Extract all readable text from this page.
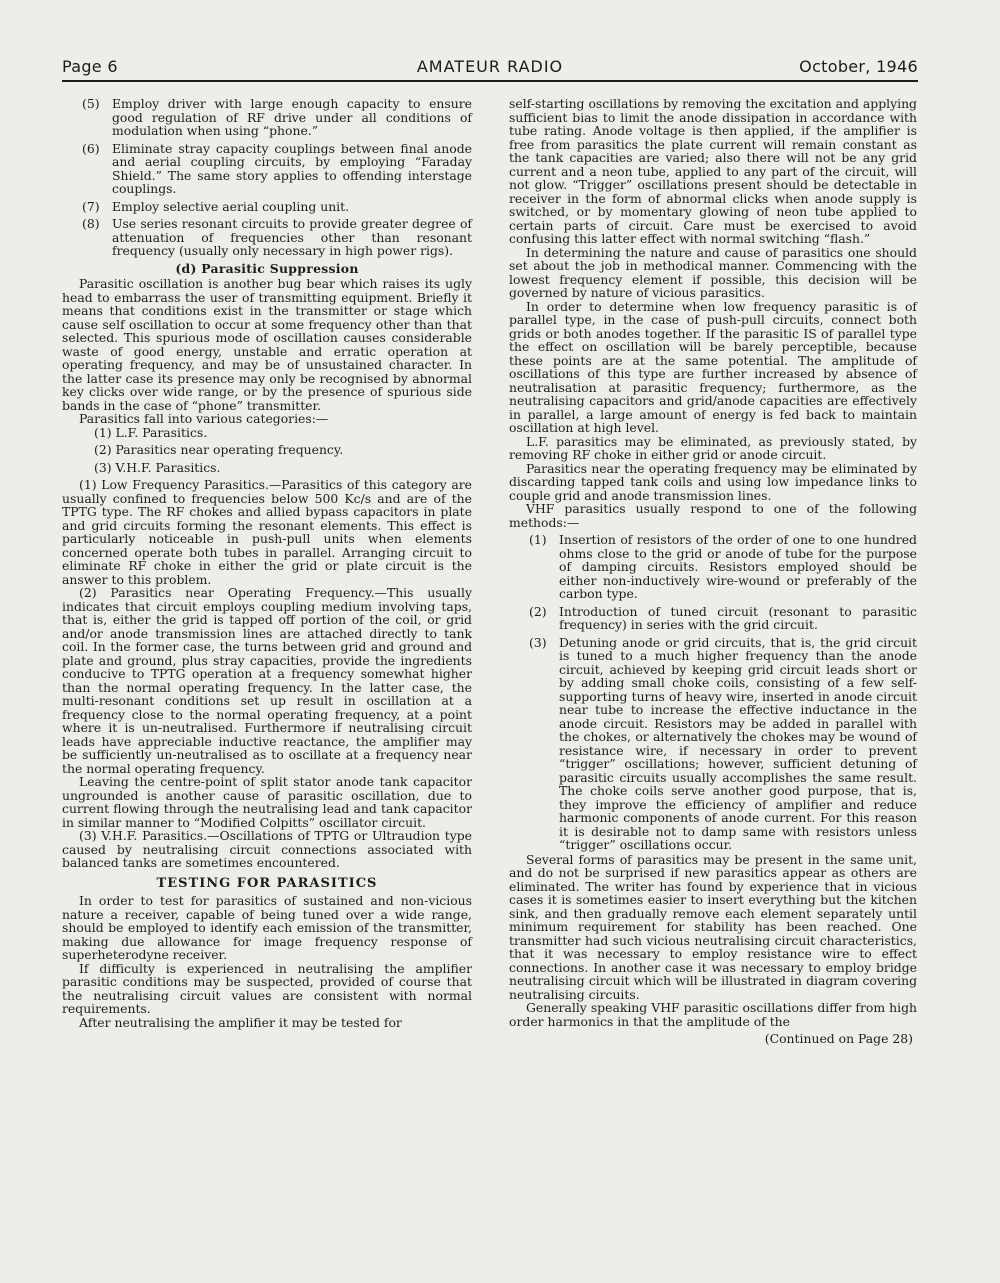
Page 6	AMATEUR RADIO	October, 1946
(5)	Employ driver with large enough capacity to ensure good regulation of RF drive under all conditions of modulation when using “phone.”
(6)	Eliminate stray capacity couplings between final anode and aerial coupling circuits, by employing “Faraday Shield.” The same story applies to offending interstage couplings.
(7)	Employ selective aerial coupling unit.
(8)	Use series resonant circuits to provide greater degree of attenuation of frequencies other than resonant frequency (usually only necessary in high power rigs).
(d) Parasitic Suppression

Parasitic oscillation is another bug bear which raises its ugly head to embarrass the user of transmitting equipment. Briefly it means that conditions exist in the transmitter or stage which cause self oscillation to occur at some frequency other than that selected. This spurious mode of oscillation causes considerable waste of good energy, unstable and erratic operation at operating frequency, and may be of unsustained character. In the latter case its presence may only be recognised by abnormal key clicks over wide range, or by the presence of spurious side bands in the case of “phone” transmitter.

Parasitics fall into various categories:—

(1) L.F. Parasitics.
(2) Parasitics near operating frequency.
(3) V.H.F. Parasitics.

(1) Low Frequency Parasitics.—Parasitics of this category are usually confined to frequencies below 500 Kc/s and are of the TPTG type. The RF chokes and allied bypass capacitors in plate and grid circuits forming the resonant elements. This effect is particularly noticeable in push-pull units when elements concerned operate both tubes in parallel. Arranging circuit to eliminate RF choke in either the grid or plate circuit is the answer to this problem.

(2) Parasitics near Operating Frequency.—This usually indicates that circuit employs coupling medium involving taps, that is, either the grid is tapped off portion of the coil, or grid and/or anode transmission lines are attached directly to tank coil. In the former case, the turns between grid and ground and plate and ground, plus stray capacities, provide the ingredients conducive to TPTG operation at a frequency somewhat higher than the normal operating frequency. In the latter case, the multi-resonant conditions set up result in oscillation at a frequency close to the normal operating frequency, at a point where it is un-neutralised. Furthermore if neutralising circuit leads have appreciable inductive reactance, the amplifier may be sufficiently un-neutralised as to oscillate at a frequency near the normal operating frequency.

Leaving the centre-point of split stator anode tank capacitor ungrounded is another cause of parasitic oscillation, due to current flowing through the neutralising lead and tank capacitor in similar manner to “Modified Colpitts” oscillator circuit.

(3) V.H.F. Parasitics.—Oscillations of TPTG or Ultraudion type caused by neutralising circuit connections associated with balanced tanks are sometimes encountered.

TESTING FOR PARASITICS

In order to test for parasitics of sustained and non-vicious nature a receiver, capable of being tuned over a wide range, should be employed to identify each emission of the transmitter, making due allowance for image frequency response of superheterodyne receiver.

If difficulty is experienced in neutralising the amplifier parasitic conditions may be suspected, provided of course that the neutralising circuit values are consistent with normal requirements.

After neutralising the amplifier it may be tested for

self-starting oscillations by removing the excitation and applying sufficient bias to limit the anode dissipation in accordance with tube rating. Anode voltage is then applied, if the amplifier is free from parasitics the plate current will remain constant as the tank capacities are varied; also there will not be any grid current and a neon tube, applied to any part of the circuit, will not glow. “Trigger” oscillations present should be detectable in receiver in the form of abnormal clicks when anode supply is switched, or by momentary glowing of neon tube applied to certain parts of circuit. Care must be exercised to avoid confusing this latter effect with normal switching “flash.”

In determining the nature and cause of parasitics one should set about the job in methodical manner. Commencing with the lowest frequency element if possible, this decision will be governed by nature of vicious parasitics.

In order to determine when low frequency parasitic is of parallel type, in the case of push-pull circuits, connect both grids or both anodes together. If the parasitic IS of parallel type the effect on oscillation will be barely perceptible, because these points are at the same potential. The amplitude of oscillations of this type are further increased by absence of neutralisation at parasitic frequency; furthermore, as the neutralising capacitors and grid/anode capacities are effectively in parallel, a large amount of energy is fed back to maintain oscillation at high level.

L.F. parasitics may be eliminated, as previously stated, by removing RF choke in either grid or anode circuit.

Parasitics near the operating frequency may be eliminated by discarding tapped tank coils and using low impedance links to couple grid and anode transmission lines.

VHF parasitics usually respond to one of the following methods:—

(1)	Insertion of resistors of the order of one to one hundred ohms close to the grid or anode of tube for the purpose of damping circuits. Resistors employed should be either non-inductively wire-wound or preferably of the carbon type.
(2)	Introduction of tuned circuit (resonant to parasitic frequency) in series with the grid circuit.
(3)	Detuning anode or grid circuits, that is, the grid circuit is tuned to a much higher frequency than the anode circuit, achieved by keeping grid circuit leads short or by adding small choke coils, consisting of a few self-supporting turns of heavy wire, inserted in anode circuit near tube to increase the effective inductance in the anode circuit. Resistors may be added in parallel with the chokes, or alternatively the chokes may be wound of resistance wire, if necessary in order to prevent “trigger” oscillations; however, sufficient detuning of parasitic circuits usually accomplishes the same result. The choke coils serve another good purpose, that is, they improve the efficiency of amplifier and reduce harmonic components of anode current. For this reason it is desirable not to damp same with resistors unless “trigger” oscillations occur.

Several forms of parasitics may be present in the same unit, and do not be surprised if new parasitics appear as others are eliminated. The writer has found by experience that in vicious cases it is sometimes easier to insert everything but the kitchen sink, and then gradually remove each element separately until minimum requirement for stability has been reached. One transmitter had such vicious neutralising circuit characteristics, that it was necessary to employ resistance wire to effect connections. In another case it was necessary to employ bridge neutralising circuit which will be illustrated in diagram covering neutralising circuits.

Generally speaking VHF parasitic oscillations differ from high order harmonics in that the amplitude of the

(Continued on Page 28)
